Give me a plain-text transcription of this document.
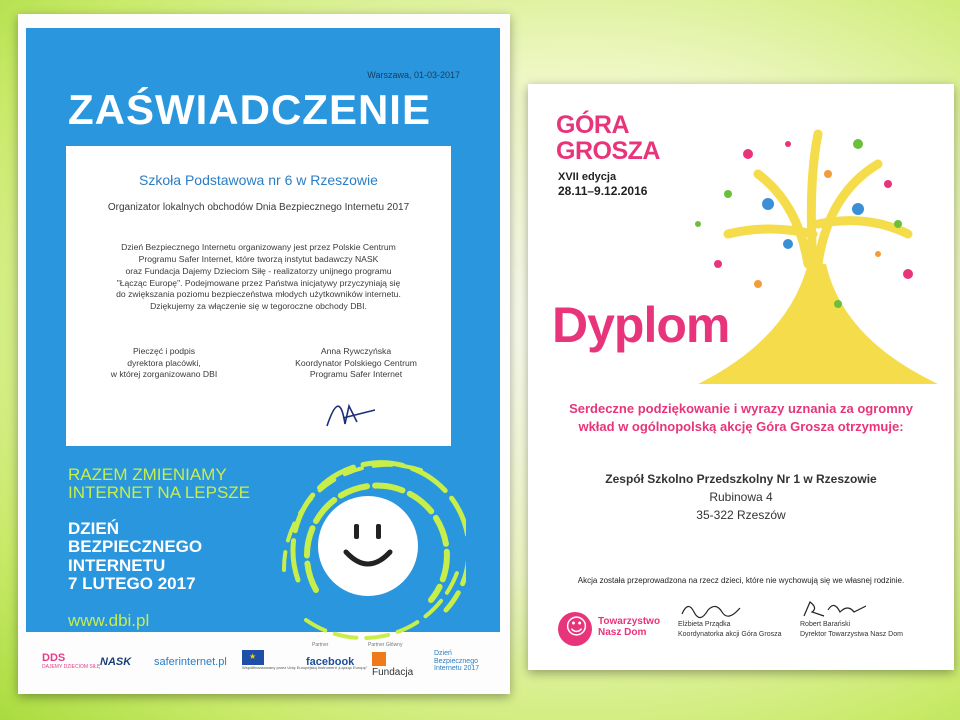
Warszawa, 01-03-2017
ZAŚWIADCZENIE
Szkoła Podstawowa nr 6 w Rzeszowie
Organizator lokalnych obchodów Dnia Bezpiecznego Internetu 2017
Dzień Bezpiecznego Internetu organizowany jest przez Polskie Centrum
Programu Safer Internet, które tworzą instytut badawczy NASK
oraz Fundacja Dajemy Dzieciom Siłę - realizatorzy unijnego programu
"Łącząc Europę". Podejmowane przez Państwa inicjatywy przyczyniają się
do zwiększania poziomu bezpieczeństwa młodych użytkowników internetu.
Dziękujemy za włączenie się w tegoroczne obchody DBI.
Pieczęć i podpis
dyrektora placówki,
w której zorganizowano DBI
Anna Rywczyńska
Koordynator Polskiego Centrum
Programu Safer Internet
RAZEM ZMIENIAMY
INTERNET NA LEPSZE
DZIEŃ
BEZPIECZNEGO
INTERNETU
7 LUTEGO 2017
www.dbi.pl
DDS
DAJEMY DZIECIOM SIŁĘ NASK saferinternet.pl
★	Współfinansowany przez Unię Europejską Instrument „Łącząc Europę”
Partner
facebook
Partner Główny
Fundacja
Dzień
Bezpiecznego
Internetu 2017
GÓRA
GROSZA
XVII edycja
28.11–9.12.2016
Dyplom
Serdeczne podziękowanie i wyrazy uznania za ogromny
wkład w ogólnopolską akcję Góra Grosza otrzymuje:
Zespół Szkolno Przedszkolny Nr 1 w Rzeszowie
Rubinowa 4
35-322 Rzeszów
Akcja została przeprowadzona na rzecz dzieci, które nie wychowują się we własnej rodzinie.
☺
Towarzystwo
Nasz Dom
Elżbieta Prządka
Koordynatorka akcji Góra Grosza
Robert Barański
Dyrektor Towarzystwa Nasz Dom
